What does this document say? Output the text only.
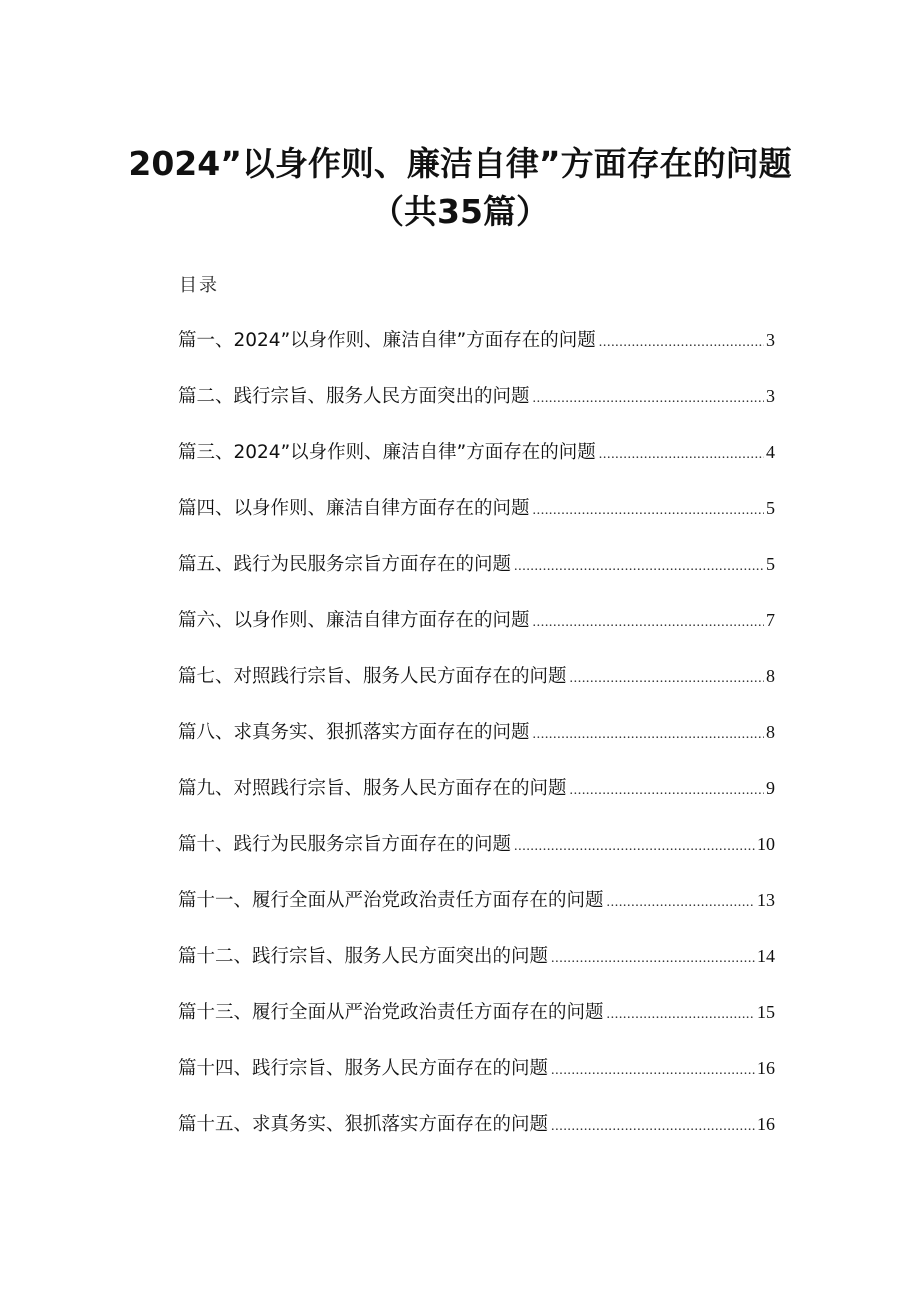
2024”以身作则、廉洁自律”方面存在的问题
（共35篇）
目录
篇一、2024”以身作则、廉洁自律”方面存在的问题 .....	3
篇二、践行宗旨、服务人民方面突出的问题 .....	3
篇三、2024”以身作则、廉洁自律”方面存在的问题 .....	4
篇四、以身作则、廉洁自律方面存在的问题 .....	5
篇五、践行为民服务宗旨方面存在的问题 .....	5
篇六、以身作则、廉洁自律方面存在的问题 .....	7
篇七、对照践行宗旨、服务人民方面存在的问题 .....	8
篇八、求真务实、狠抓落实方面存在的问题 .....	8
篇九、对照践行宗旨、服务人民方面存在的问题 .....	9
篇十、践行为民服务宗旨方面存在的问题 .....	10
篇十一、履行全面从严治党政治责任方面存在的问题 .....	13
篇十二、践行宗旨、服务人民方面突出的问题 .....	14
篇十三、履行全面从严治党政治责任方面存在的问题 .....	15
篇十四、践行宗旨、服务人民方面存在的问题 .....	16
篇十五、求真务实、狠抓落实方面存在的问题 .....	16
